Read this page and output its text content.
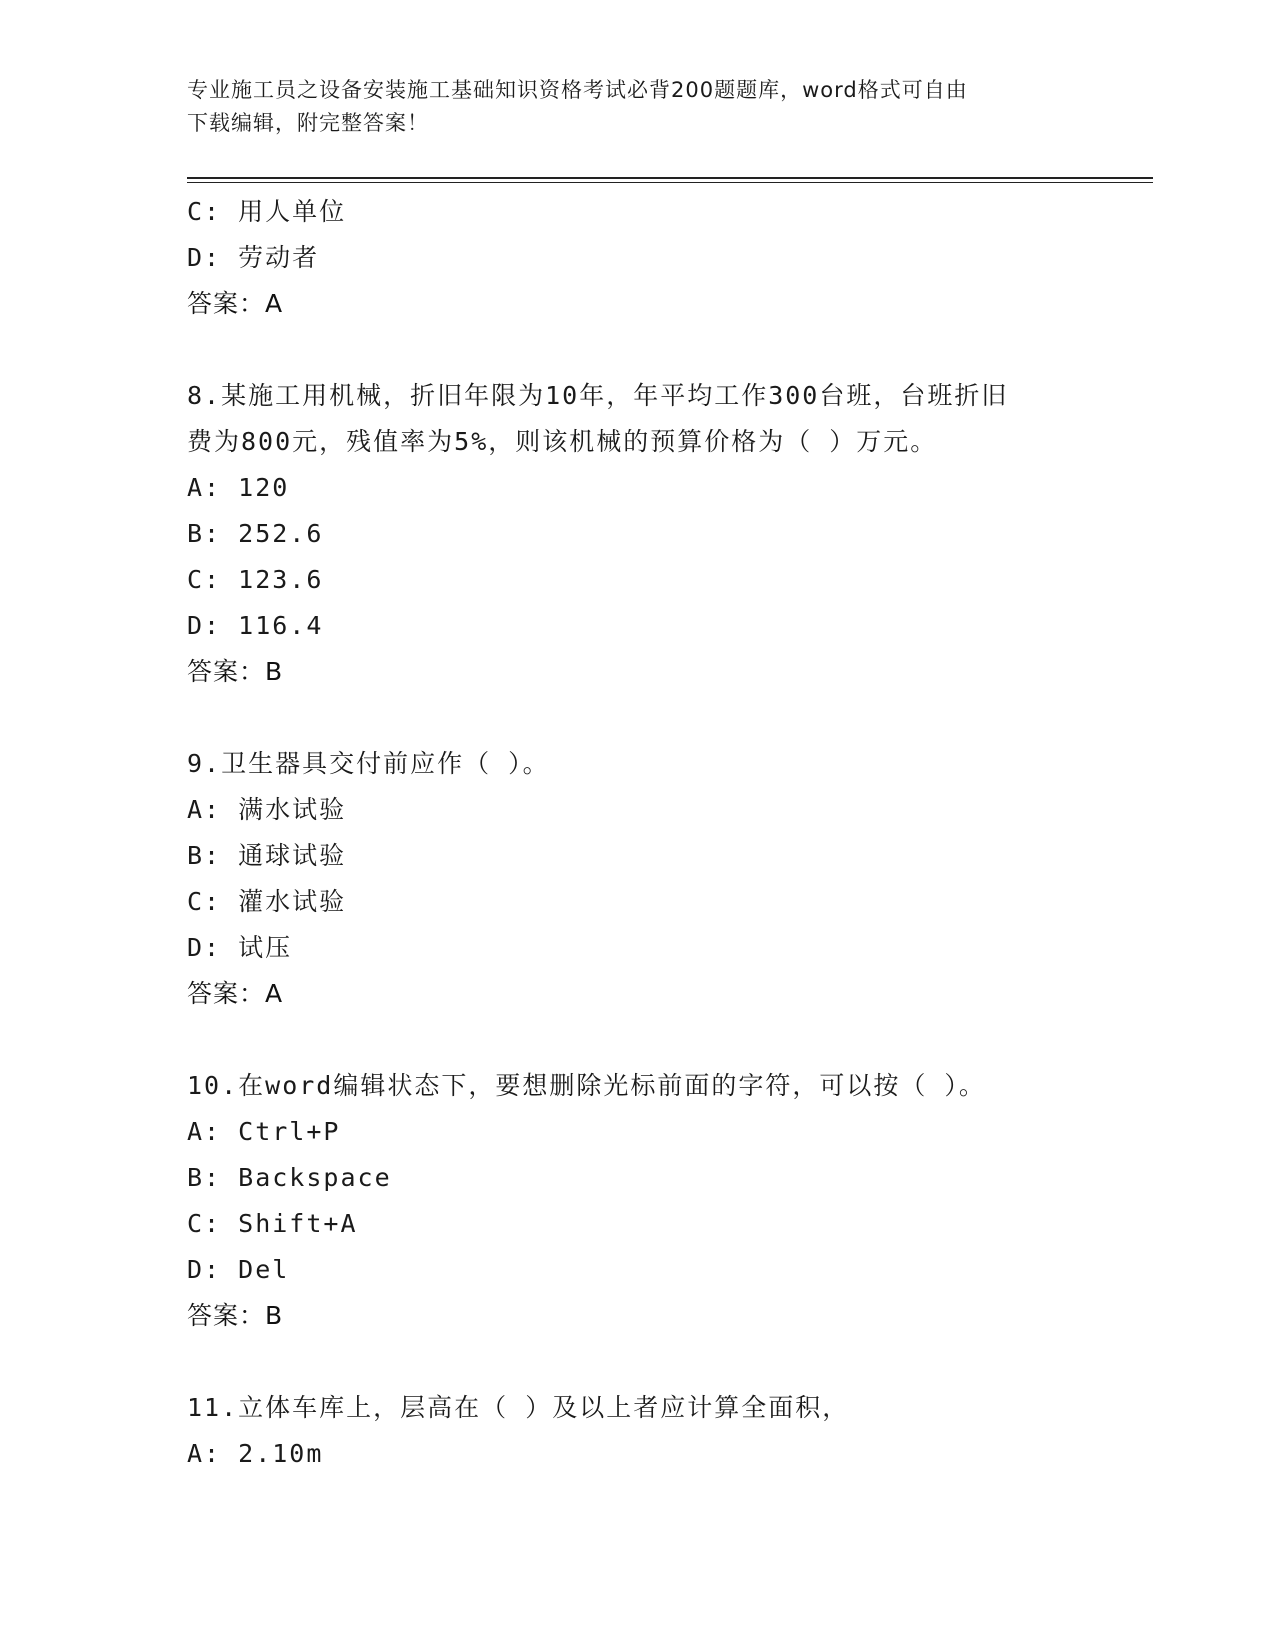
专业施工员之设备安装施工基础知识资格考试必背200题题库，word格式可自由
下载编辑，附完整答案！
C: 用人单位
D: 劳动者
答案：A
8.某施工用机械，折旧年限为10年，年平均工作300台班，台班折旧
费为800元，残值率为5%，则该机械的预算价格为（ ）万元。
A: 120
B: 252.6
C: 123.6
D: 116.4
答案：B
9.卫生器具交付前应作（ ）。
A: 满水试验
B: 通球试验
C: 灌水试验
D: 试压
答案：A
10.在word编辑状态下，要想删除光标前面的字符，可以按（ ）。
A: Ctrl+P
B: Backspace
C: Shift+A
D: Del
答案：B
11.立体车库上，层高在（ ）及以上者应计算全面积，
A: 2.10m
